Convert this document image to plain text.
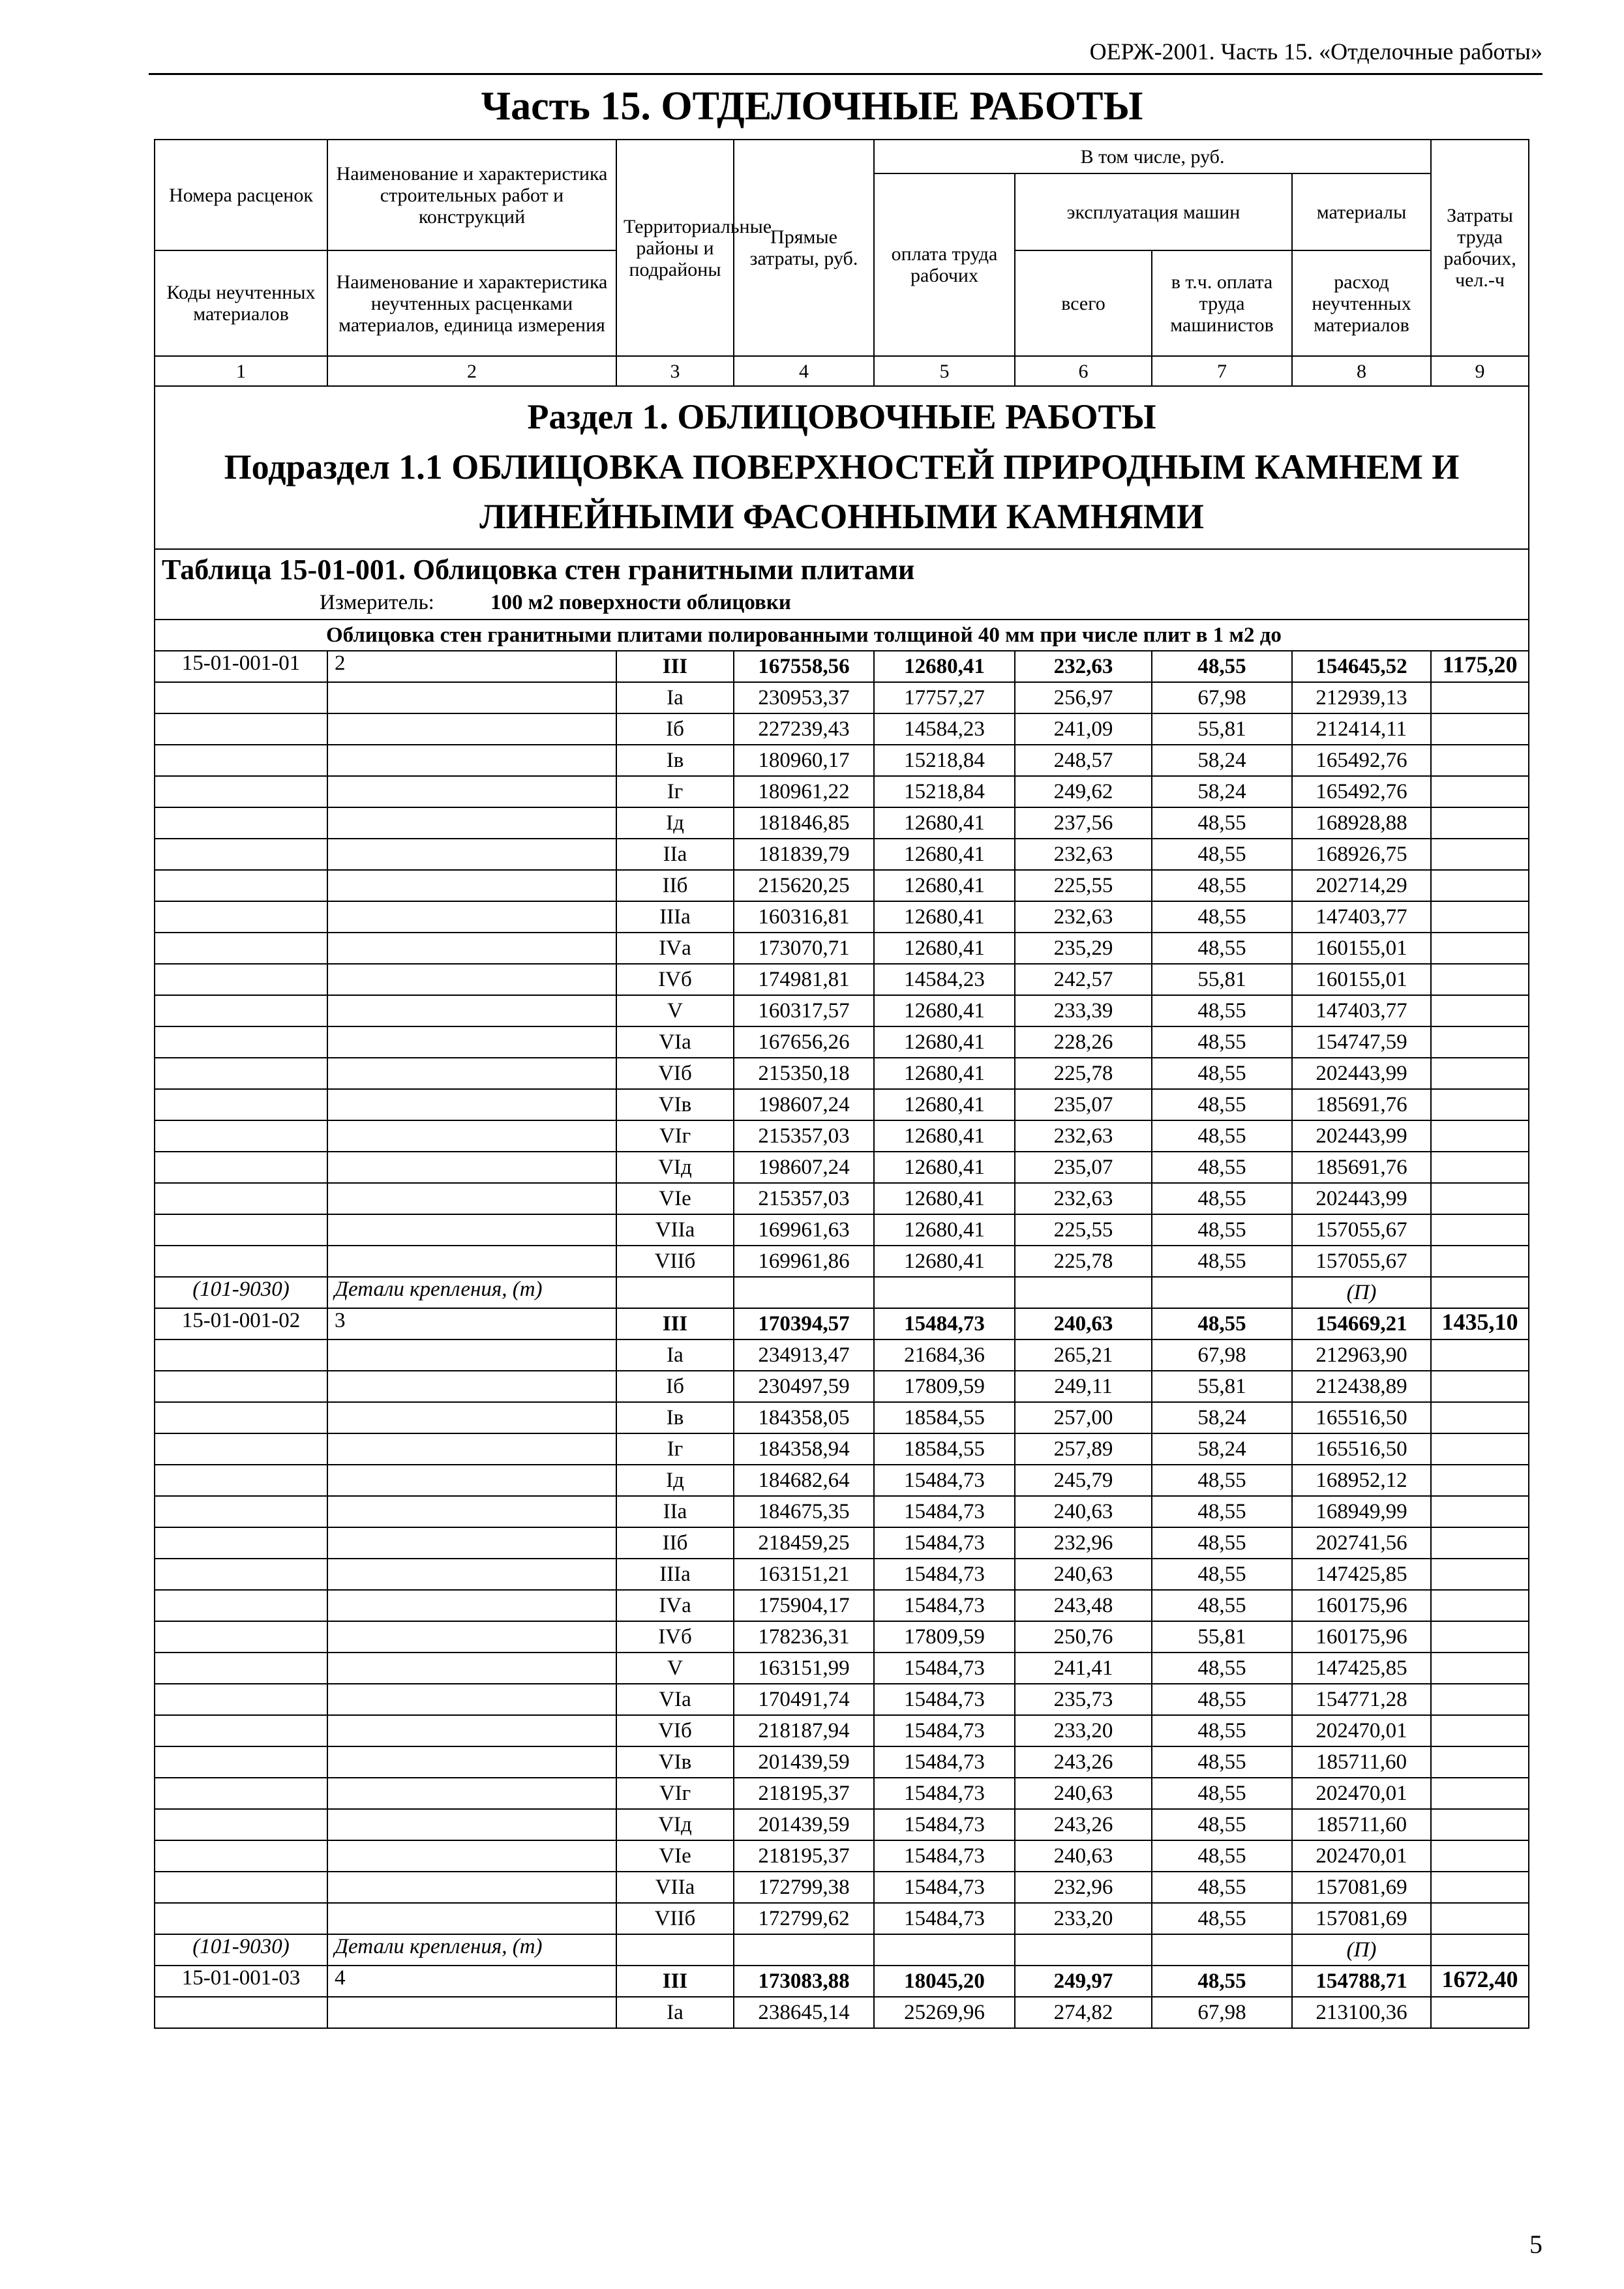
ОЕРЖ-2001. Часть 15. «Отделочные работы»
Часть 15. ОТДЕЛОЧНЫЕ РАБОТЫ
Номера расценок	Наименование и характеристика строительных работ и конструкций	Территориальные районы и подрайоны	Прямые затраты, руб.	В том числе, руб.				Затраты труда рабочих, чел.-ч
				оплата труда рабочих	эксплуатация машин		материалы	
Коды неучтенных материалов	Наименование и характеристика неучтенных расценками материалов, единица измерения				всего	в т.ч. оплата труда машинистов	расход неучтенных материалов	
1	2	3	4	5	6	7	8	9

Раздел 1. ОБЛИЦОВОЧНЫЕ РАБОТЫ
Подраздел 1.1 ОБЛИЦОВКА ПОВЕРХНОСТЕЙ ПРИРОДНЫМ КАМНЕМ И
ЛИНЕЙНЫМИ ФАСОННЫМИ КАМНЯМИ								

Таблица 15-01-001. Облицовка стен гранитными плитами
Измеритель: 100 м2 поверхности облицовки								

Облицовка стен гранитными плитами полированными толщиной 40 мм при числе плит в 1 м2 до								
15-01-001-01	2	III	167558,56	12680,41	232,63	48,55	154645,52	1175,20
		Iа	230953,37	17757,27	256,97	67,98	212939,13	
		Iб	227239,43	14584,23	241,09	55,81	212414,11	
		Iв	180960,17	15218,84	248,57	58,24	165492,76	
		Iг	180961,22	15218,84	249,62	58,24	165492,76	
		Iд	181846,85	12680,41	237,56	48,55	168928,88	
		IIа	181839,79	12680,41	232,63	48,55	168926,75	
		IIб	215620,25	12680,41	225,55	48,55	202714,29	
		IIIа	160316,81	12680,41	232,63	48,55	147403,77	
		IVа	173070,71	12680,41	235,29	48,55	160155,01	
		IVб	174981,81	14584,23	242,57	55,81	160155,01	
		V	160317,57	12680,41	233,39	48,55	147403,77	
		VIа	167656,26	12680,41	228,26	48,55	154747,59	
		VIб	215350,18	12680,41	225,78	48,55	202443,99	
		VIв	198607,24	12680,41	235,07	48,55	185691,76	
		VIг	215357,03	12680,41	232,63	48,55	202443,99	
		VIд	198607,24	12680,41	235,07	48,55	185691,76	
		VIе	215357,03	12680,41	232,63	48,55	202443,99	
		VIIа	169961,63	12680,41	225,55	48,55	157055,67	
		VIIб	169961,86	12680,41	225,78	48,55	157055,67	
(101-9030)	Детали крепления, (т)						(П)	
15-01-001-02	3	III	170394,57	15484,73	240,63	48,55	154669,21	1435,10
		Iа	234913,47	21684,36	265,21	67,98	212963,90	
		Iб	230497,59	17809,59	249,11	55,81	212438,89	
		Iв	184358,05	18584,55	257,00	58,24	165516,50	
		Iг	184358,94	18584,55	257,89	58,24	165516,50	
		Iд	184682,64	15484,73	245,79	48,55	168952,12	
		IIа	184675,35	15484,73	240,63	48,55	168949,99	
		IIб	218459,25	15484,73	232,96	48,55	202741,56	
		IIIа	163151,21	15484,73	240,63	48,55	147425,85	
		IVа	175904,17	15484,73	243,48	48,55	160175,96	
		IVб	178236,31	17809,59	250,76	55,81	160175,96	
		V	163151,99	15484,73	241,41	48,55	147425,85	
		VIа	170491,74	15484,73	235,73	48,55	154771,28	
		VIб	218187,94	15484,73	233,20	48,55	202470,01	
		VIв	201439,59	15484,73	243,26	48,55	185711,60	
		VIг	218195,37	15484,73	240,63	48,55	202470,01	
		VIд	201439,59	15484,73	243,26	48,55	185711,60	
		VIе	218195,37	15484,73	240,63	48,55	202470,01	
		VIIа	172799,38	15484,73	232,96	48,55	157081,69	
		VIIб	172799,62	15484,73	233,20	48,55	157081,69	
(101-9030)	Детали крепления, (т)						(П)	
15-01-001-03	4	III	173083,88	18045,20	249,97	48,55	154788,71	1672,40
		Iа	238645,14	25269,96	274,82	67,98	213100,36	
5
